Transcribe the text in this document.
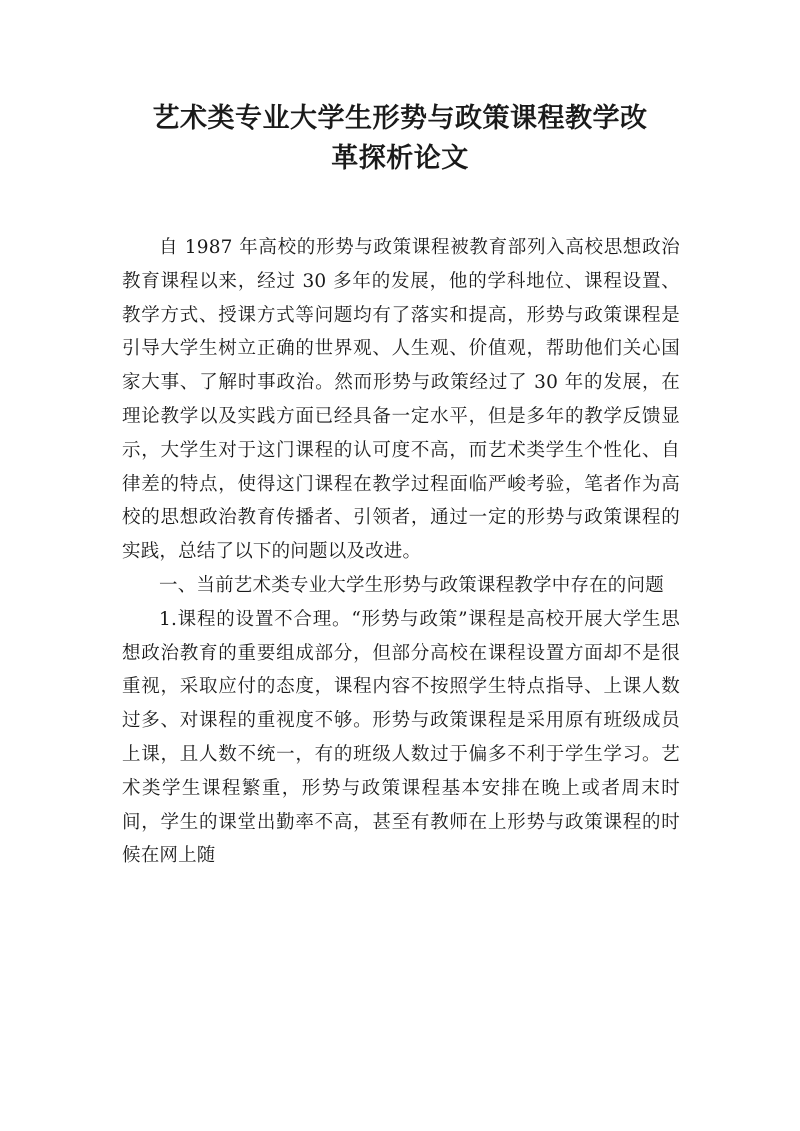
艺术类专业大学生形势与政策课程教学改
革探析论文

自 1987 年高校的形势与政策课程被教育部列入高校思想政治教育课程以来，经过 30 多年的发展，他的学科地位、课程设置、教学方式、授课方式等问题均有了落实和提高，形势与政策课程是引导大学生树立正确的世界观、人生观、价值观，帮助他们关心国家大事、了解时事政治。然而形势与政策经过了 30 年的发展，在理论教学以及实践方面已经具备一定水平，但是多年的教学反馈显示，大学生对于这门课程的认可度不高，而艺术类学生个性化、自律差的特点，使得这门课程在教学过程面临严峻考验，笔者作为高校的思想政治教育传播者、引领者，通过一定的形势与政策课程的实践，总结了以下的问题以及改进。

一、当前艺术类专业大学生形势与政策课程教学中存在的问题

1.课程的设置不合理。“形势与政策”课程是高校开展大学生思想政治教育的重要组成部分，但部分高校在课程设置方面却不是很重视，采取应付的态度，课程内容不按照学生特点指导、上课人数过多、对课程的重视度不够。形势与政策课程是采用原有班级成员上课，且人数不统一，有的班级人数过于偏多不利于学生学习。艺术类学生课程繁重，形势与政策课程基本安排在晚上或者周末时间，学生的课堂出勤率不高，甚至有教师在上形势与政策课程的时候在网上随
